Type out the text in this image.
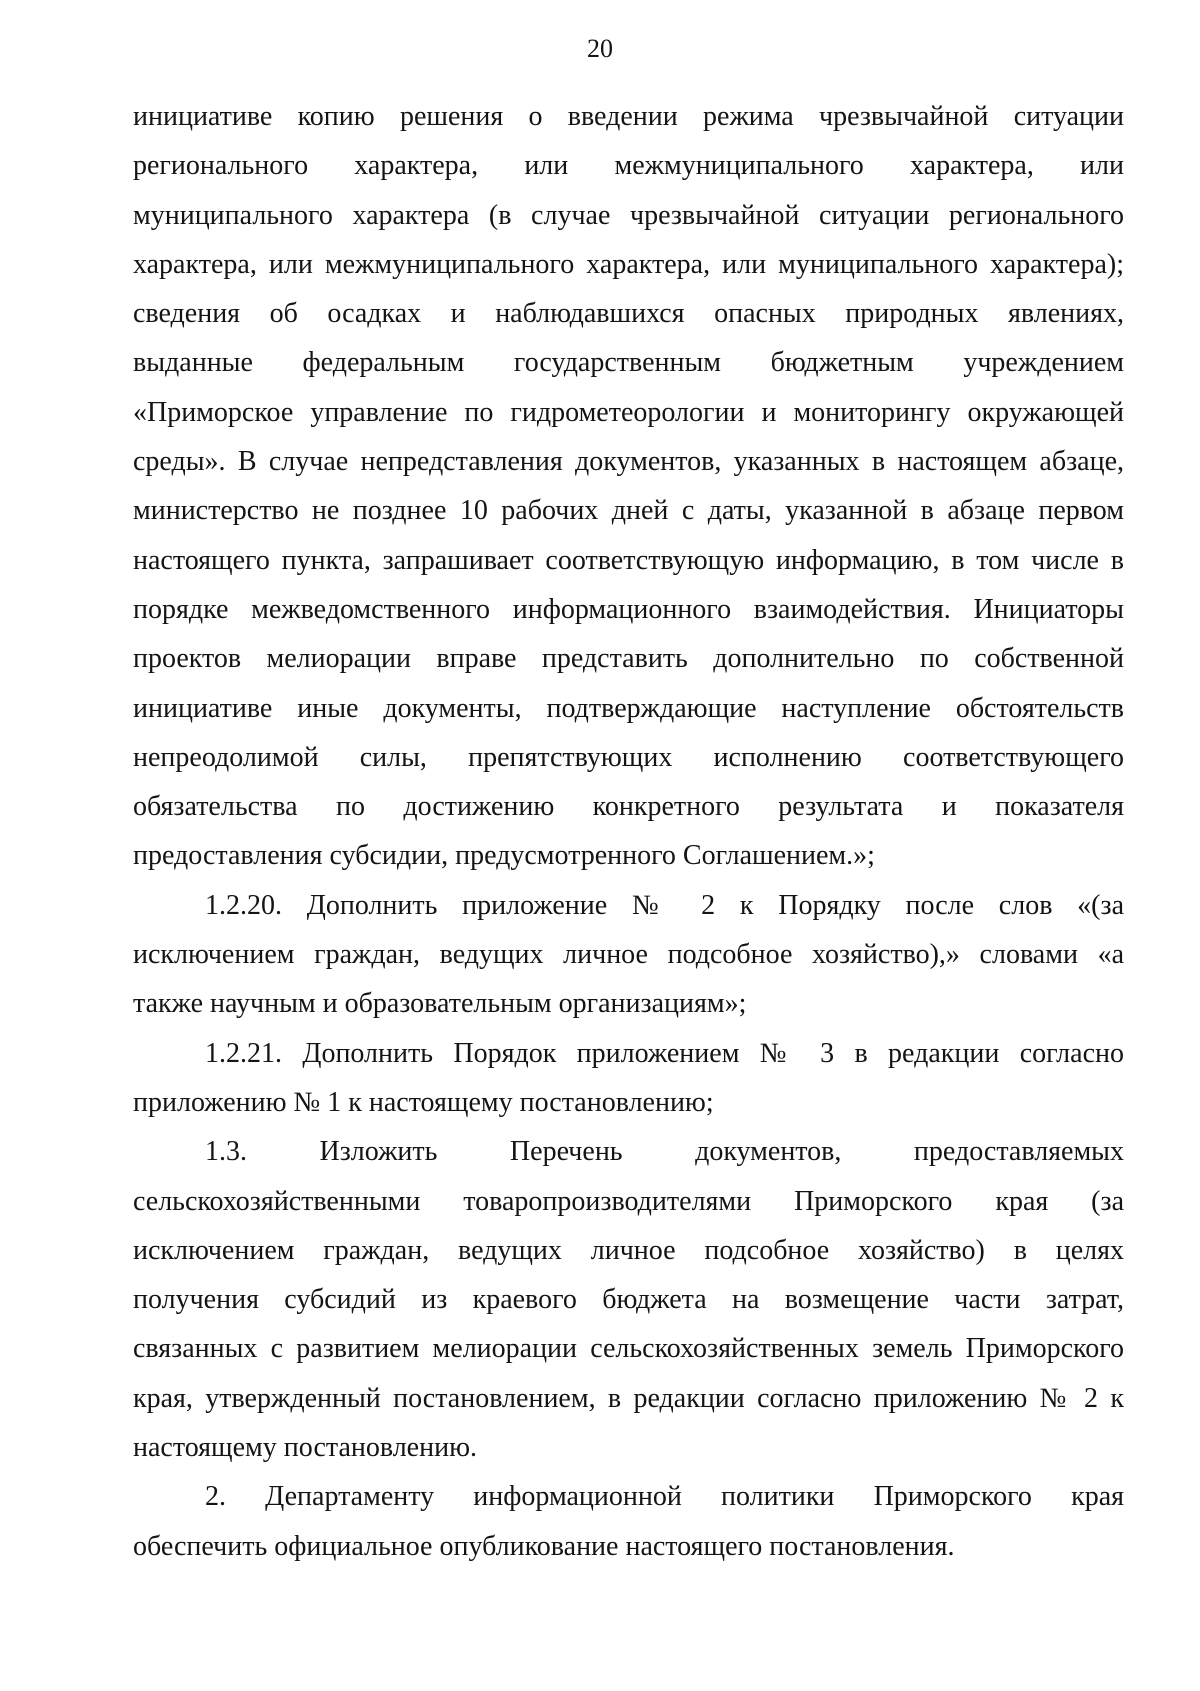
20
инициативе копию решения о введении режима чрезвычайной ситуации
регионального характера, или межмуниципального характера, или
муниципального характера (в случае чрезвычайной ситуации регионального
характера, или межмуниципального характера, или муниципального характера);
сведения об осадках и наблюдавшихся опасных природных явлениях,
выданные федеральным государственным бюджетным учреждением
«Приморское управление по гидрометеорологии и мониторингу окружающей
среды». В случае непредставления документов, указанных в настоящем абзаце,
министерство не позднее 10 рабочих дней с даты, указанной в абзаце первом
настоящего пункта, запрашивает соответствующую информацию, в том числе в
порядке межведомственного информационного взаимодействия. Инициаторы
проектов мелиорации вправе представить дополнительно по собственной
инициативе иные документы, подтверждающие наступление обстоятельств
непреодолимой силы, препятствующих исполнению соответствующего
обязательства по достижению конкретного результата и показателя
предоставления субсидии, предусмотренного Соглашением.»;
1.2.20. Дополнить приложение № 2 к Порядку после слов «(за
исключением граждан, ведущих личное подсобное хозяйство),» словами «а
также научным и образовательным организациям»;
1.2.21. Дополнить Порядок приложением № 3 в редакции согласно
приложению № 1 к настоящему постановлению;
1.3. Изложить Перечень документов, предоставляемых
сельскохозяйственными товаропроизводителями Приморского края (за
исключением граждан, ведущих личное подсобное хозяйство) в целях
получения субсидий из краевого бюджета на возмещение части затрат,
связанных с развитием мелиорации сельскохозяйственных земель Приморского
края, утвержденный постановлением, в редакции согласно приложению № 2 к
настоящему постановлению.
2. Департаменту информационной политики Приморского края
обеспечить официальное опубликование настоящего постановления.
